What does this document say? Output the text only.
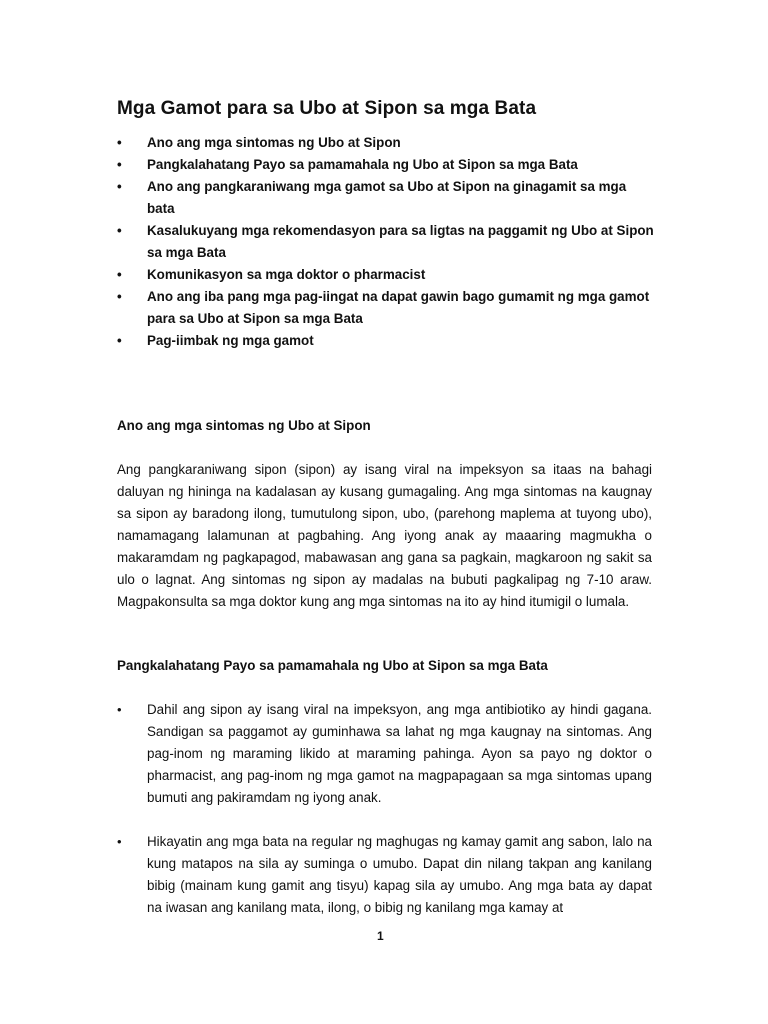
Mga Gamot para sa Ubo at Sipon sa mga Bata
• Ano ang mga sintomas ng Ubo at Sipon
• Pangkalahatang Payo sa pamamahala ng Ubo at Sipon sa mga Bata
• Ano ang pangkaraniwang mga gamot sa Ubo at Sipon na ginagamit sa mga bata
• Kasalukuyang mga rekomendasyon para sa ligtas na paggamit ng Ubo at Sipon sa mga Bata
• Komunikasyon sa mga doktor o pharmacist
• Ano ang iba pang mga pag-iingat na dapat gawin bago gumamit ng mga gamot para sa Ubo at Sipon sa mga Bata
• Pag-iimbak ng mga gamot
Ano ang mga sintomas ng Ubo at Sipon

Ang pangkaraniwang sipon (sipon) ay isang viral na impeksyon sa itaas na bahagi daluyan ng hininga na kadalasan ay kusang gumagaling. Ang mga sintomas na kaugnay sa sipon ay baradong ilong, tumutulong sipon, ubo, (parehong maplema at tuyong ubo), namamagang lalamunan at pagbahing. Ang iyong anak ay maaaring magmukha o makaramdam ng pagkapagod, mabawasan ang gana sa pagkain, magkaroon ng sakit sa ulo o lagnat. Ang sintomas ng sipon ay madalas na bubuti pagkalipag ng 7-10 araw. Magpakonsulta sa mga doktor kung ang mga sintomas na ito ay hind itumigil o lumala.

Pangkalahatang Payo sa pamamahala ng Ubo at Sipon sa mga Bata
• Dahil ang sipon ay isang viral na impeksyon, ang mga antibiotiko ay hindi gagana. Sandigan sa paggamot ay guminhawa sa lahat ng mga kaugnay na sintomas. Ang pag-inom ng maraming likido at maraming pahinga. Ayon sa payo ng doktor o pharmacist, ang pag-inom ng mga gamot na magpapagaan sa mga sintomas upang bumuti ang pakiramdam ng iyong anak.
• Hikayatin ang mga bata na regular ng maghugas ng kamay gamit ang sabon, lalo na kung matapos na sila ay suminga o umubo. Dapat din nilang takpan ang kanilang bibig (mainam kung gamit ang tisyu) kapag sila ay umubo. Ang mga bata ay dapat na iwasan ang kanilang mata, ilong, o bibig ng kanilang mga kamay at
1
